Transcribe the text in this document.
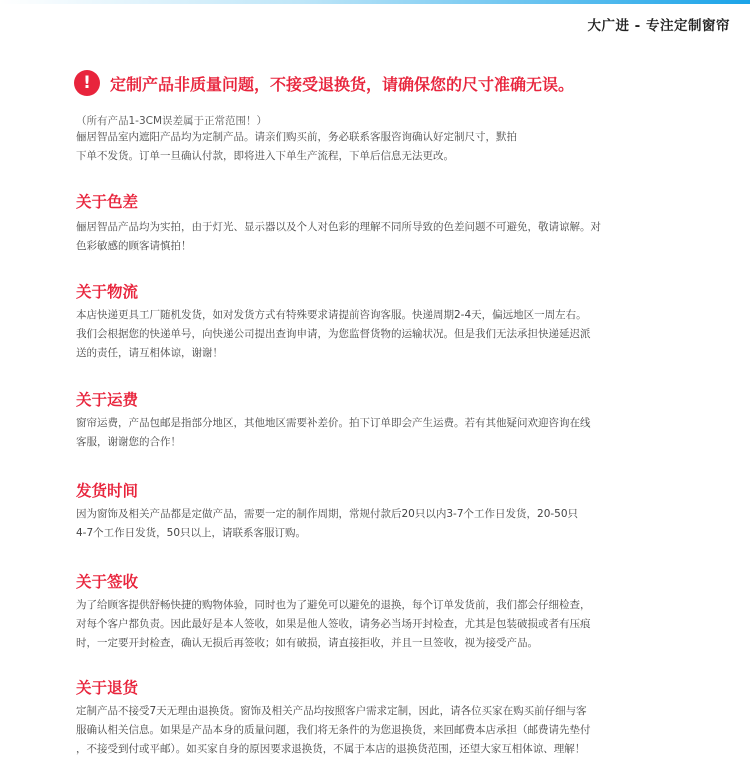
大广进 - 专注定制窗帘
!	定制产品非质量问题，不接受退换货，请确保您的尺寸准确无误。
（所有产品1-3CM误差属于正常范围！）

俪居智品室内遮阳产品均为定制产品。请亲们购买前，务必联系客服咨询确认好定制尺寸，默拍
下单不发货。订单一旦确认付款，即将进入下单生产流程，下单后信息无法更改。

关于色差

俪居智品产品均为实拍，由于灯光、显示器以及个人对色彩的理解不同所导致的色差问题不可避免，敬请谅解。对
色彩敏感的顾客请慎拍！

关于物流

本店快递更具工厂随机发货，如对发货方式有特殊要求请提前咨询客服。快递周期2-4天，偏远地区一周左右。
我们会根据您的快递单号，向快递公司提出查询申请，为您监督货物的运输状况。但是我们无法承担快递延迟派
送的责任，请互相体谅，谢谢！

关于运费

窗帘运费，产品包邮是指部分地区，其他地区需要补差价。拍下订单即会产生运费。若有其他疑问欢迎咨询在线
客服，谢谢您的合作！

发货时间

因为窗饰及相关产品都是定做产品，需要一定的制作周期，常规付款后20只以内3-7个工作日发货，20-50只
4-7个工作日发货，50只以上，请联系客服订购。

关于签收

为了给顾客提供舒畅快捷的购物体验，同时也为了避免可以避免的退换，每个订单发货前，我们都会仔细检查，
对每个客户都负责。因此最好是本人签收，如果是他人签收，请务必当场开封检查，尤其是包装破损或者有压痕
时，一定要开封检查，确认无损后再签收；如有破损，请直接拒收，并且一旦签收，视为接受产品。

关于退货

定制产品不接受7天无理由退换货。窗饰及相关产品均按照客户需求定制，因此，请各位买家在购买前仔细与客
服确认相关信息。如果是产品本身的质量问题，我们将无条件的为您退换货，来回邮费本店承担（邮费请先垫付
，不接受到付或平邮）。如买家自身的原因要求退换货，不属于本店的退换货范围，还望大家互相体谅、理解！
